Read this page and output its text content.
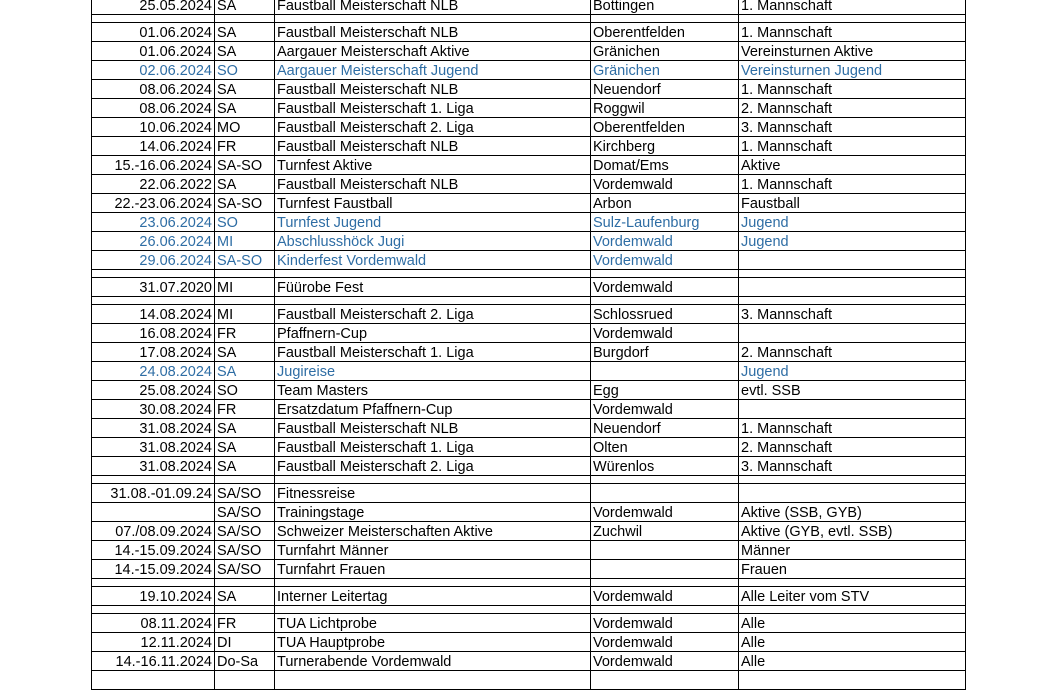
25.05.2024	SA	Faustball Meisterschaft NLB	Bottingen	1. Mannschaft

01.06.2024	SA	Faustball Meisterschaft NLB	Oberentfelden	1. Mannschaft
01.06.2024	SA	Aargauer Meisterschaft Aktive	Gränichen	Vereinsturnen Aktive
02.06.2024	SO	Aargauer Meisterschaft Jugend	Gränichen	Vereinsturnen Jugend
08.06.2024	SA	Faustball Meisterschaft NLB	Neuendorf	1. Mannschaft
08.06.2024	SA	Faustball Meisterschaft 1. Liga	Roggwil	2. Mannschaft
10.06.2024	MO	Faustball Meisterschaft 2. Liga	Oberentfelden	3. Mannschaft
14.06.2024	FR	Faustball Meisterschaft NLB	Kirchberg	1. Mannschaft
15.-16.06.2024	SA-SO	Turnfest Aktive	Domat/Ems	Aktive
22.06.2022	SA	Faustball Meisterschaft NLB	Vordemwald	1. Mannschaft
22.-23.06.2024	SA-SO	Turnfest Faustball	Arbon	Faustball
23.06.2024	SO	Turnfest Jugend	Sulz-Laufenburg	Jugend
26.06.2024	MI	Abschlusshöck Jugi	Vordemwald	Jugend
29.06.2024	SA-SO	Kinderfest Vordemwald	Vordemwald	

31.07.2020	MI	Füürobe Fest	Vordemwald	

14.08.2024	MI	Faustball Meisterschaft 2. Liga	Schlossrued	3. Mannschaft
16.08.2024	FR	Pfaffnern-Cup	Vordemwald	
17.08.2024	SA	Faustball Meisterschaft 1. Liga	Burgdorf	2. Mannschaft
24.08.2024	SA	Jugireise		Jugend
25.08.2024	SO	Team Masters	Egg	evtl. SSB
30.08.2024	FR	Ersatzdatum Pfaffnern-Cup	Vordemwald	
31.08.2024	SA	Faustball Meisterschaft NLB	Neuendorf	1. Mannschaft
31.08.2024	SA	Faustball Meisterschaft 1. Liga	Olten	2. Mannschaft
31.08.2024	SA	Faustball Meisterschaft 2. Liga	Würenlos	3. Mannschaft

31.08.-01.09.24	SA/SO	Fitnessreise		
	SA/SO	Trainingstage	Vordemwald	Aktive (SSB, GYB)
07./08.09.2024	SA/SO	Schweizer Meisterschaften Aktive	Zuchwil	Aktive (GYB, evtl. SSB)
14.-15.09.2024	SA/SO	Turnfahrt Männer		Männer
14.-15.09.2024	SA/SO	Turnfahrt Frauen		Frauen

19.10.2024	SA	Interner Leitertag	Vordemwald	Alle Leiter vom STV

08.11.2024	FR	TUA Lichtprobe	Vordemwald	Alle
12.11.2024	DI	TUA Hauptprobe	Vordemwald	Alle
14.-16.11.2024	Do-Sa	Turnerabende Vordemwald	Vordemwald	Alle
